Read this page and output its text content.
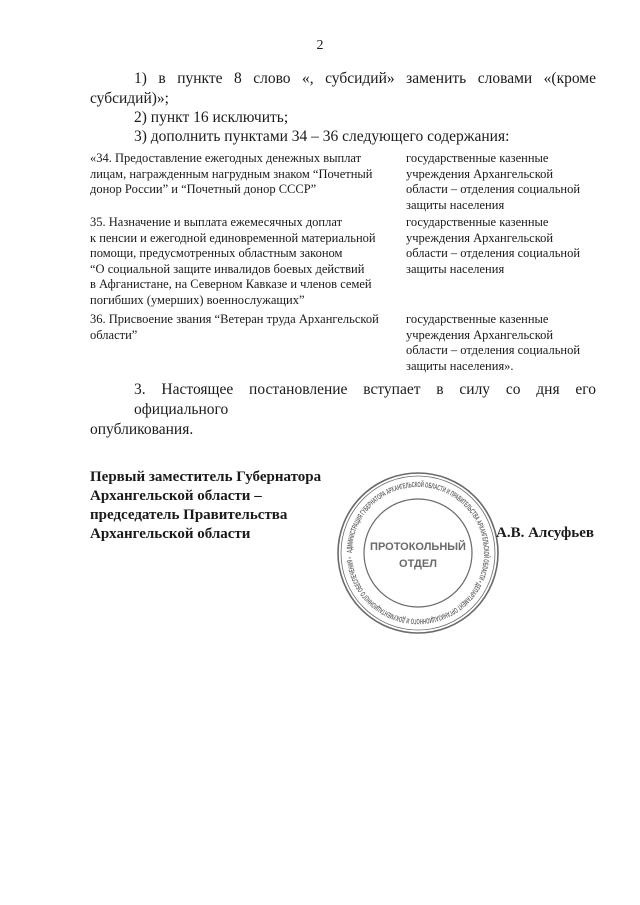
2
1) в пункте 8 слово «, субсидий» заменить словами «(кроме
субсидий)»;
2) пункт 16 исключить;
3) дополнить пунктами 34 – 36 следующего содержания:
«34. Предоставление ежегодных денежных выплат
лицам, награжденным нагрудным знаком “Почетный
донор России” и “Почетный донор СССР”
государственные казенные
учреждения Архангельской
области – отделения социальной
защиты населения
35. Назначение и выплата ежемесячных доплат
к пенсии и ежегодной единовременной материальной
помощи, предусмотренных областным законом
“О социальной защите инвалидов боевых действий
в Афганистане, на Северном Кавказе и членов семей
погибших (умерших) военнослужащих”
государственные казенные
учреждения Архангельской
области – отделения социальной
защиты населения
36. Присвоение звания “Ветеран труда Архангельской
области”
государственные казенные
учреждения Архангельской
области – отделения социальной
защиты населения».
3. Настоящее постановление вступает в силу со дня его официального
опубликования.
Первый заместитель Губернатора
Архангельской области –
председатель Правительства
Архангельской области
АДМИНИСТРАЦИЯ ГУБЕРНАТОРА АРХАНГЕЛЬСКОЙ ОБЛАСТИ И ПРАВИТЕЛЬСТВА АРХАНГЕЛЬСКОЙ ОБЛАСТИ • ДЕПАРТАМЕНТ ОРГАНИЗАЦИОННОГО И ДОКУМЕНТАЦИОННОГО ОБЕСПЕЧЕНИЯ •
ПРОТОКОЛЬНЫЙ
ОТДЕЛ
А.В. Алсуфьев
